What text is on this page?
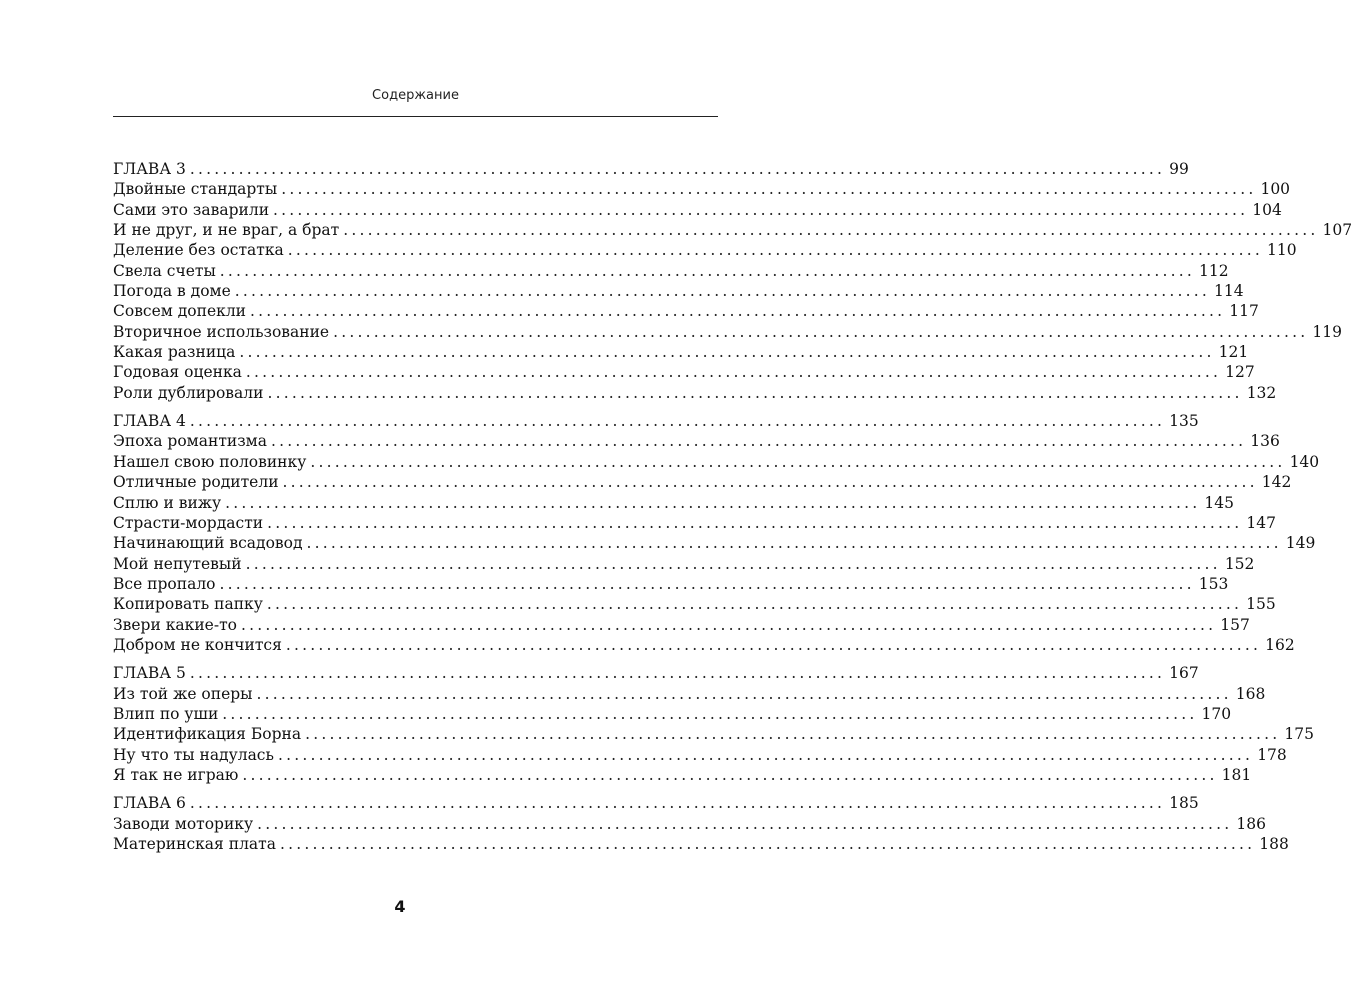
Содержание
ГЛАВА 3 ........................................................................................................................ 99
Двойные стандарты ........................................................................................................................ 100
Сами это заварили ........................................................................................................................ 104
И не друг, и не враг, а брат ........................................................................................................................ 107
Деление без остатка ........................................................................................................................ 110
Свела счеты ........................................................................................................................ 112
Погода в доме ........................................................................................................................ 114
Совсем допекли ........................................................................................................................ 117
Вторичное использование ........................................................................................................................ 119
Какая разница ........................................................................................................................ 121
Годовая оценка ........................................................................................................................ 127
Роли дублировали ........................................................................................................................ 132
ГЛАВА 4 ........................................................................................................................ 135
Эпоха романтизма ........................................................................................................................ 136
Нашел свою половинку ........................................................................................................................ 140
Отличные родители ........................................................................................................................ 142
Сплю и вижу ........................................................................................................................ 145
Страсти-мордасти ........................................................................................................................ 147
Начинающий всадовод ........................................................................................................................ 149
Мой непутевый ........................................................................................................................ 152
Все пропало ........................................................................................................................ 153
Копировать папку ........................................................................................................................ 155
Звери какие-то ........................................................................................................................ 157
Добром не кончится ........................................................................................................................ 162
ГЛАВА 5 ........................................................................................................................ 167
Из той же оперы ........................................................................................................................ 168
Влип по уши ........................................................................................................................ 170
Идентификация Борна ........................................................................................................................ 175
Ну что ты надулась ........................................................................................................................ 178
Я так не играю ........................................................................................................................ 181
ГЛАВА 6 ........................................................................................................................ 185
Заводи моторику ........................................................................................................................ 186
Материнская плата ........................................................................................................................ 188
4
